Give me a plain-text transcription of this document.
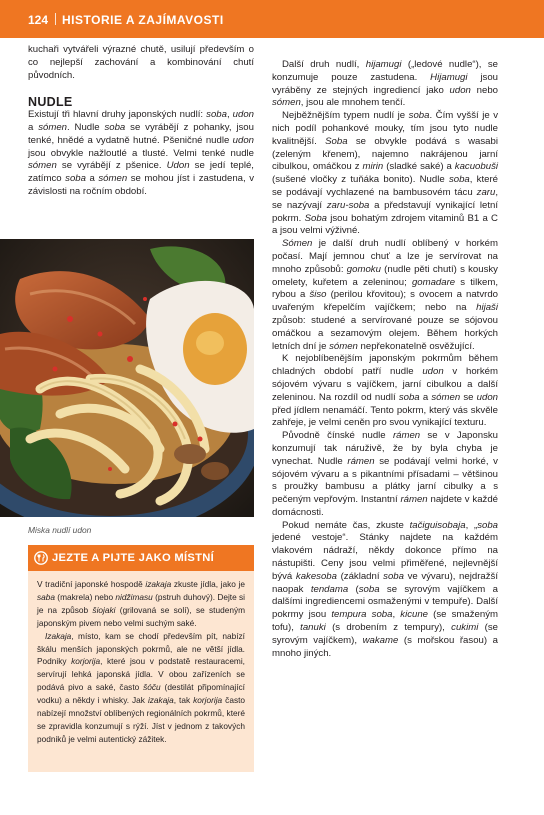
124 HISTORIE A ZAJÍMAVOSTI

kuchaři vytvářeli výrazné chutě, usilují především o co nejlepší zachování a kombinování chutí původních.

NUDLE

Existují tři hlavní druhy japonských nudlí: soba, udon a sómen. Nudle soba se vyrábějí z pohanky, jsou tenké, hnědé a vydatně hutné. Pšeničné nudle udon jsou obvykle nažloutlé a tlusté. Velmi tenké nudle sómen se vyrábějí z pšenice. Udon se jedí teplé, zatímco soba a sómen se mohou jíst i zastudena, v závislosti na ročním období.

Miska nudlí udon
JEZTE A PIJTE JAKO MÍSTNÍ

V tradiční japonské hospodě izakaja zkuste jídla, jako je saba (makrela) nebo nidžimasu (pstruh duhový). Dejte si je na způsob šiojaki (grilovaná se solí), se studeným japonským pivem nebo velmi suchým saké.

Izakaja, místo, kam se chodí především pít, nabízí škálu menších japonských pokrmů, ale ne větší jídla. Podniky korjorija, které jsou v podstatě restauracemi, servírují lehká japonská jídla. V obou zařízeních se podává pivo a saké, často šóču (destilát připomínající vodku) a někdy i whisky. Jak izakaja, tak korjorija často nabízejí množství oblíbených regionálních pokrmů, které se zpravidla konzumují s rýží. Jíst v jednom z takových podniků je velmi autentický zážitek.

Další druh nudlí, hijamugi („ledové nudle“), se konzumuje pouze zastudena. Hijamugi jsou vyráběny ze stejných ingrediencí jako udon nebo sómen, jsou ale mnohem tenčí.

Nejběžnějším typem nudlí je soba. Čím vyšší je v nich podíl pohankové mouky, tím jsou tyto nudle kvalitnější. Soba se obvykle podává s wasabi (zeleným křenem), najemno nakrájenou jarní cibulkou, omáčkou z mirin (sladké saké) a kacuobuši (sušené vločky z tuňáka bonito). Nudle soba, které se podávají vychlazené na bambusovém tácu zaru, se nazývají zaru-soba a představují vynikající letní pokrm. Soba jsou bohatým zdrojem vitaminů B1 a C a jsou velmi výživné.

Sómen je další druh nudlí oblíbený v horkém počasí. Mají jemnou chuť a lze je servírovat na mnoho způsobů: gomoku (nudle pěti chutí) s kousky omelety, kuřetem a zeleninou; gomadare s tilkem, rybou a šiso (perilou křovitou); s ovocem a natvrdo uvařeným křepelčím vajíčkem; nebo na hijaši způsob: studené a servírované pouze se sójovou omáčkou a sezamovým olejem. Během horkých letních dní je sómen nepřekonatelně osvěžující.

K nejoblíbenějším japonským pokrmům během chladných období patří nudle udon v horkém sójovém vývaru s vajíčkem, jarní cibulkou a další zeleninou. Na rozdíl od nudlí soba a sómen se udon před jídlem nenamáčí. Tento pokrm, který vás skvěle zahřeje, je velmi ceněn pro svou vynikající texturu.

Původně čínské nudle rámen se v Japonsku konzumují tak náruživě, že by byla chyba je vynechat. Nudle rámen se podávají velmi horké, v sójovém vývaru a s pikantními přísadami – většinou s proužky bambusu a plátky jarní cibulky a s pečeným vepřovým. Instantní rámen najdete v každé domácnosti.

Pokud nemáte čas, zkuste tačiguisobaja, „soba jedené vestoje“. Stánky najdete na každém vlakovém nádraží, někdy dokonce přímo na nástupišti. Ceny jsou velmi přiměřené, nejlevnější bývá kakesoba (základní soba ve vývaru), nejdražší naopak tendama (soba se syrovým vajíčkem a dalšími ingrediencemi osmaženými v tempuře). Další pokrmy jsou tempura soba, kicune (se smaženým tofu), tanuki (s drobením z tempury), cukimi (se syrovým vajíčkem), wakame (s mořskou řasou) a mnoho jiných.
